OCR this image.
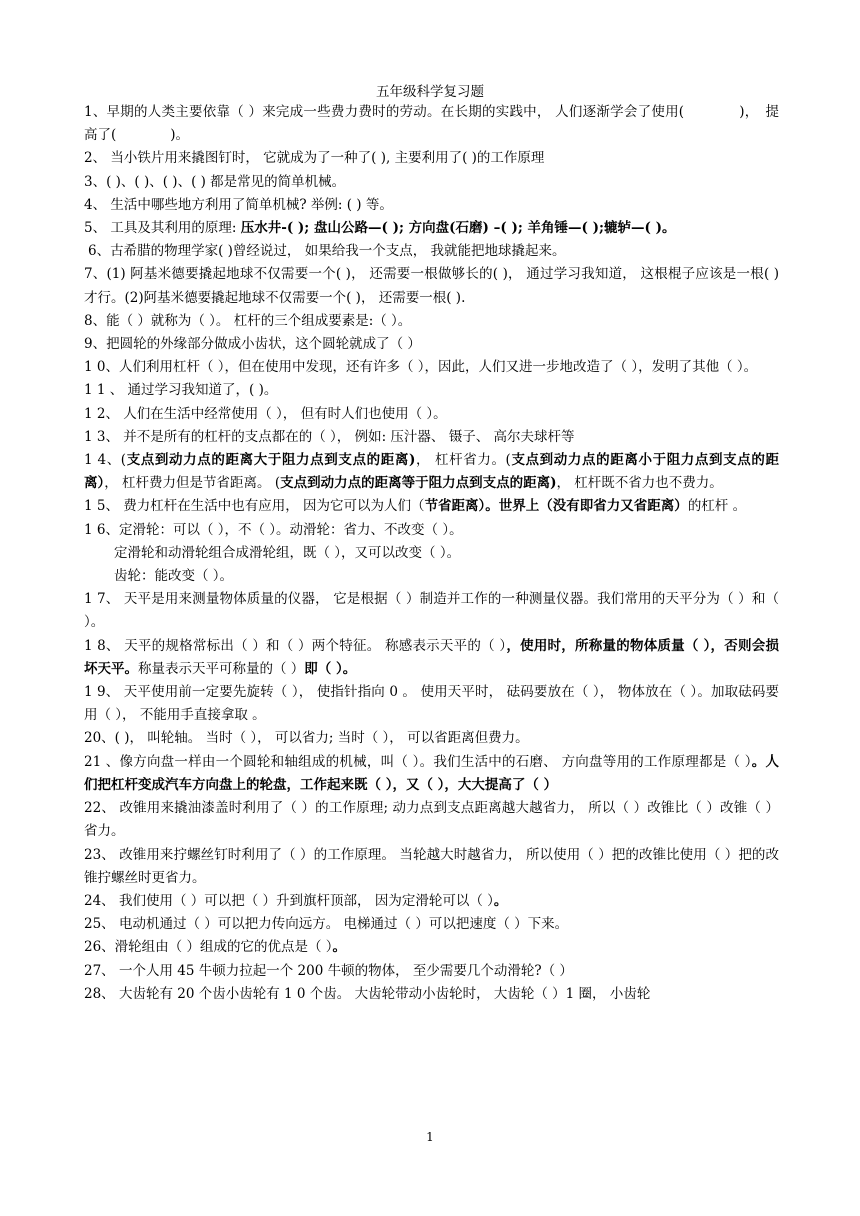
五年级科学复习题

1、早期的人类主要依靠（ ）来完成一些费力费时的劳动。在长期的实践中， 人们逐渐学会了使用(　　　　)，　提高了(　　　　)。

2、 当小铁片用来撬图钉时， 它就成为了一种了( ), 主要利用了( )的工作原理

3、( )、( )、( )、( ) 都是常见的简单机械。

4、 生活中哪些地方利用了简单机械? 举例: ( ) 等。

5、 工具及其利用的原理: 压水井-( ); 盘山公路—( ); 方向盘(石磨) –( ); 羊角锤—( );辘轳—( )。

6、古希腊的物理学家( )曾经说过， 如果给我一个支点， 我就能把地球撬起来。

7、(1) 阿基米德要撬起地球不仅需要一个( )， 还需要一根做够长的( )， 通过学习我知道， 这根棍子应该是一根( )才行。(2)阿基米德要撬起地球不仅需要一个( )， 还需要一根( ).

8、能（ ）就称为（ ）。 杠杆的三个组成要素是:（ ）。

9、把圆轮的外缘部分做成小齿状，这个圆轮就成了（ ）

1 0、人们利用杠杆（ ），但在使用中发现，还有许多（ ），因此，人们又进一步地改造了（ ），发明了其他（ ）。

1 1 、 通过学习我知道了，( )。

1 2、 人们在生活中经常使用（ ）， 但有时人们也使用（ ）。

1 3、 并不是所有的杠杆的支点都在的（ ）， 例如: 压汁器、 镊子、 高尔夫球杆等

1 4、(支点到动力点的距离大于阻力点到支点的距离)， 杠杆省力。(支点到动力点的距离小于阻力点到支点的距离）， 杠杆费力但是节省距离。 (支点到动力点的距离等于阻力点到支点的距离)， 杠杆既不省力也不费力。

1 5、 费力杠杆在生活中也有应用， 因为它可以为人们（节省距离）。世界上（没有即省力又省距离）的杠杆 。

1 6、定滑轮：可以（ ），不（ ）。动滑轮：省力、不改变（ ）。

定滑轮和动滑轮组合成滑轮组，既（ ），又可以改变（ ）。

齿轮：能改变（ ）。

1 7、 天平是用来测量物体质量的仪器， 它是根据（ ）制造并工作的一种测量仪器。我们常用的天平分为（ ）和（ ）。

1 8、 天平的规格常标出（ ）和（ ）两个特征。 称感表示天平的（ ），使用时，所称量的物体质量（ ），否则会损坏天平。称量表示天平可称量的（ ）即（ ）。

1 9、 天平使用前一定要先旋转（ ）， 使指针指向 0 。 使用天平时， 砝码要放在（ ）， 物体放在（ ）。加取砝码要用（ ）， 不能用手直接拿取 。

20、( )， 叫轮轴。 当时（ ）， 可以省力; 当时（ ）， 可以省距离但费力。

21 、像方向盘一样由一个圆轮和轴组成的机械，叫（ ）。我们生活中的石磨、 方向盘等用的工作原理都是（ ）。人们把杠杆变成汽车方向盘上的轮盘，工作起来既（ ），又（ ），大大提高了（ ）

22、 改锥用来撬油漆盖时利用了（ ）的工作原理; 动力点到支点距离越大越省力， 所以（ ）改锥比（ ）改锥（ ）省力。

23、 改锥用来拧螺丝钉时利用了（ ）的工作原理。 当轮越大时越省力， 所以使用（ ）把的改锥比使用（ ）把的改锥拧螺丝时更省力。

24、 我们使用（ ）可以把（ ）升到旗杆顶部， 因为定滑轮可以（ ）。

25、 电动机通过（ ）可以把力传向远方。 电梯通过（ ）可以把速度（ ）下来。

26、滑轮组由（ ）组成的它的优点是（ ）。

27、 一个人用 45 牛顿力拉起一个 200 牛顿的物体， 至少需要几个动滑轮?（ ）

28、 大齿轮有 20 个齿小齿轮有 1 0 个齿。 大齿轮带动小齿轮时， 大齿轮（ ）1 圈， 小齿轮

1
